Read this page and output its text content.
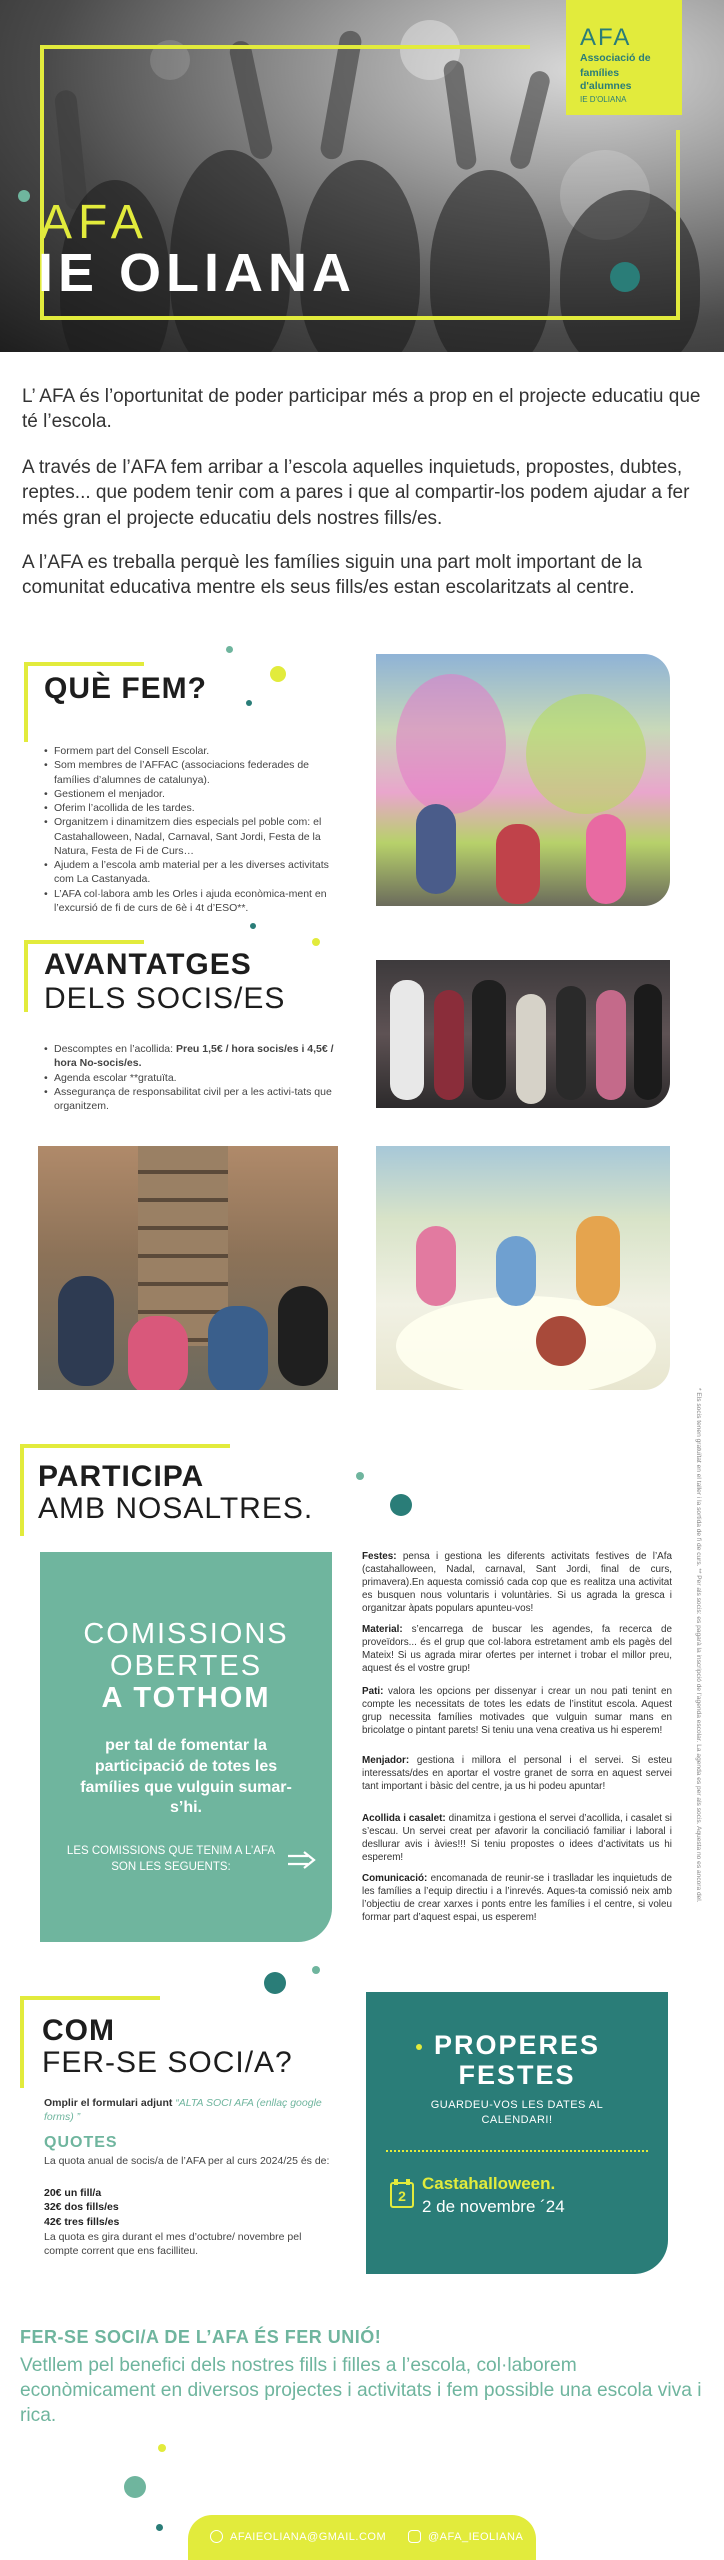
AFA
IE OLIANA
AFA
Associació de
famílies d'alumnes
IE D'OLIANA

L’ AFA és l’oportunitat de poder participar més a prop en el projecte educatiu que té l’escola.

A través de l’AFA fem arribar a l’escola aquelles inquietuds, propostes, dubtes, reptes... que podem tenir com a pares i que al compartir-los podem ajudar a fer més gran el projecte educatiu dels nostres fills/es.

A l’AFA es treballa perquè les famílies siguin una part molt important de la comunitat educativa mentre els seus fills/es estan escolaritzats al centre.

QUÈ FEM?
• Formem part del Consell Escolar.
• Som membres de l’AFFAC (associacions federades de famílies d’alumnes de catalunya).
• Gestionem el menjador.
• Oferim l’acollida de les tardes.
• Organitzem i dinamitzem dies especials pel poble com: el Castahalloween, Nadal, Carnaval, Sant Jordi, Festa de la Natura, Festa de Fi de Curs…
• Ajudem a l’escola amb material per a les diverses activitats com La Castanyada.
• L’AFA col·labora amb les Orles i ajuda econòmica-ment en l’excursió de fi de curs de 6è i 4t d’ESO**.
AVANTATGES
DELS SOCIS/ES
• Descomptes en l’acollida: Preu 1,5€ / hora socis/es i 4,5€ / hora No-socis/es.
• Agenda escolar **gratuïta.
• Assegurança de responsabilitat civil per a les activi-tats que organitzem.
PARTICIPA
AMB NOSALTRES.
COMISSIONS
OBERTES
A TOTHOM
per tal de fomentar la participació de totes les famílies que vulguin sumar-s’hi.
LES COMISSIONS QUE TENIM A L’AFA SON LES SEGUENTS:
Festes: pensa i gestiona les diferents activitats festives de l’Afa (castahalloween, Nadal, carnaval, Sant Jordi, final de curs, primavera).En aquesta comissió cada cop que es realitza una activitat es busquen nous voluntaris i voluntàries. Si us agrada la gresca i organitzar àpats populars apunteu-vos!
Material: s’encarrega de buscar les agendes, fa recerca de proveïdors... és el grup que col·labora estretament amb els pagès del Mateix! Si us agrada mirar ofertes per internet i trobar el millor preu, aquest és el vostre grup!
Pati: valora les opcions per dissenyar i crear un nou pati tenint en compte les necessitats de totes les edats de l’institut escola. Aquest grup necessita famílies motivades que vulguin sumar mans en bricolatge o pintant parets! Si teniu una vena creativa us hi esperem!
Menjador: gestiona i millora el personal i el servei. Si esteu interessats/des en aportar el vostre granet de sorra en aquest servei tant important i bàsic del centre, ja us hi podeu apuntar!
Acollida i casalet: dinamitza i gestiona el servei d’acollida, i casalet si s’escau. Un servei creat per afavorir la conciliació familiar i laboral i desllurar avis i àvies!!! Si teniu propostes o idees d’activitats us hi esperem!
Comunicació: encomanada de reunir-se i traslladar les inquietuds de les famílies a l’equip directiu i a l’inrevés. Aques-ta comissió neix amb l’objectiu de crear xarxes i ponts entre les famílies i el centre, si voleu formar part d’aquest espai, us esperem!
COM
FER-SE SOCI/A?
Omplir el formulari adjunt “ALTA SOCI AFA (enllaç google forms) ”
QUOTES
La quota anual de socis/a de l’AFA per al curs 2024/25 és de:
20€ un fill/a
32€ dos fills/es
42€ tres fills/es
La quota es gira durant el mes d’octubre/ novembre pel compte corrent que ens facilliteu.
PROPERES
FESTES
GUARDEU-VOS LES DATES AL CALENDARI!
2
Castahalloween.
2 de novembre ´24
FER-SE SOCI/A DE L’AFA ÉS FER UNIÓ!

Vetllem pel benefici dels nostres fills i filles a l’escola, col·laborem econòmicament en diversos projectes i activitats i fem possible una escola viva i rica.

AFAIEOLIANA@GMAIL.COM	@AFA_IEOLIANA
* Els socis tenen gratuïtat en el taller i la sortida de fi de curs. ** Per als socis: es pagarà la inscripció de l’agenda escolar. La agenda es per als socis. Aquesta no es ancora del.
